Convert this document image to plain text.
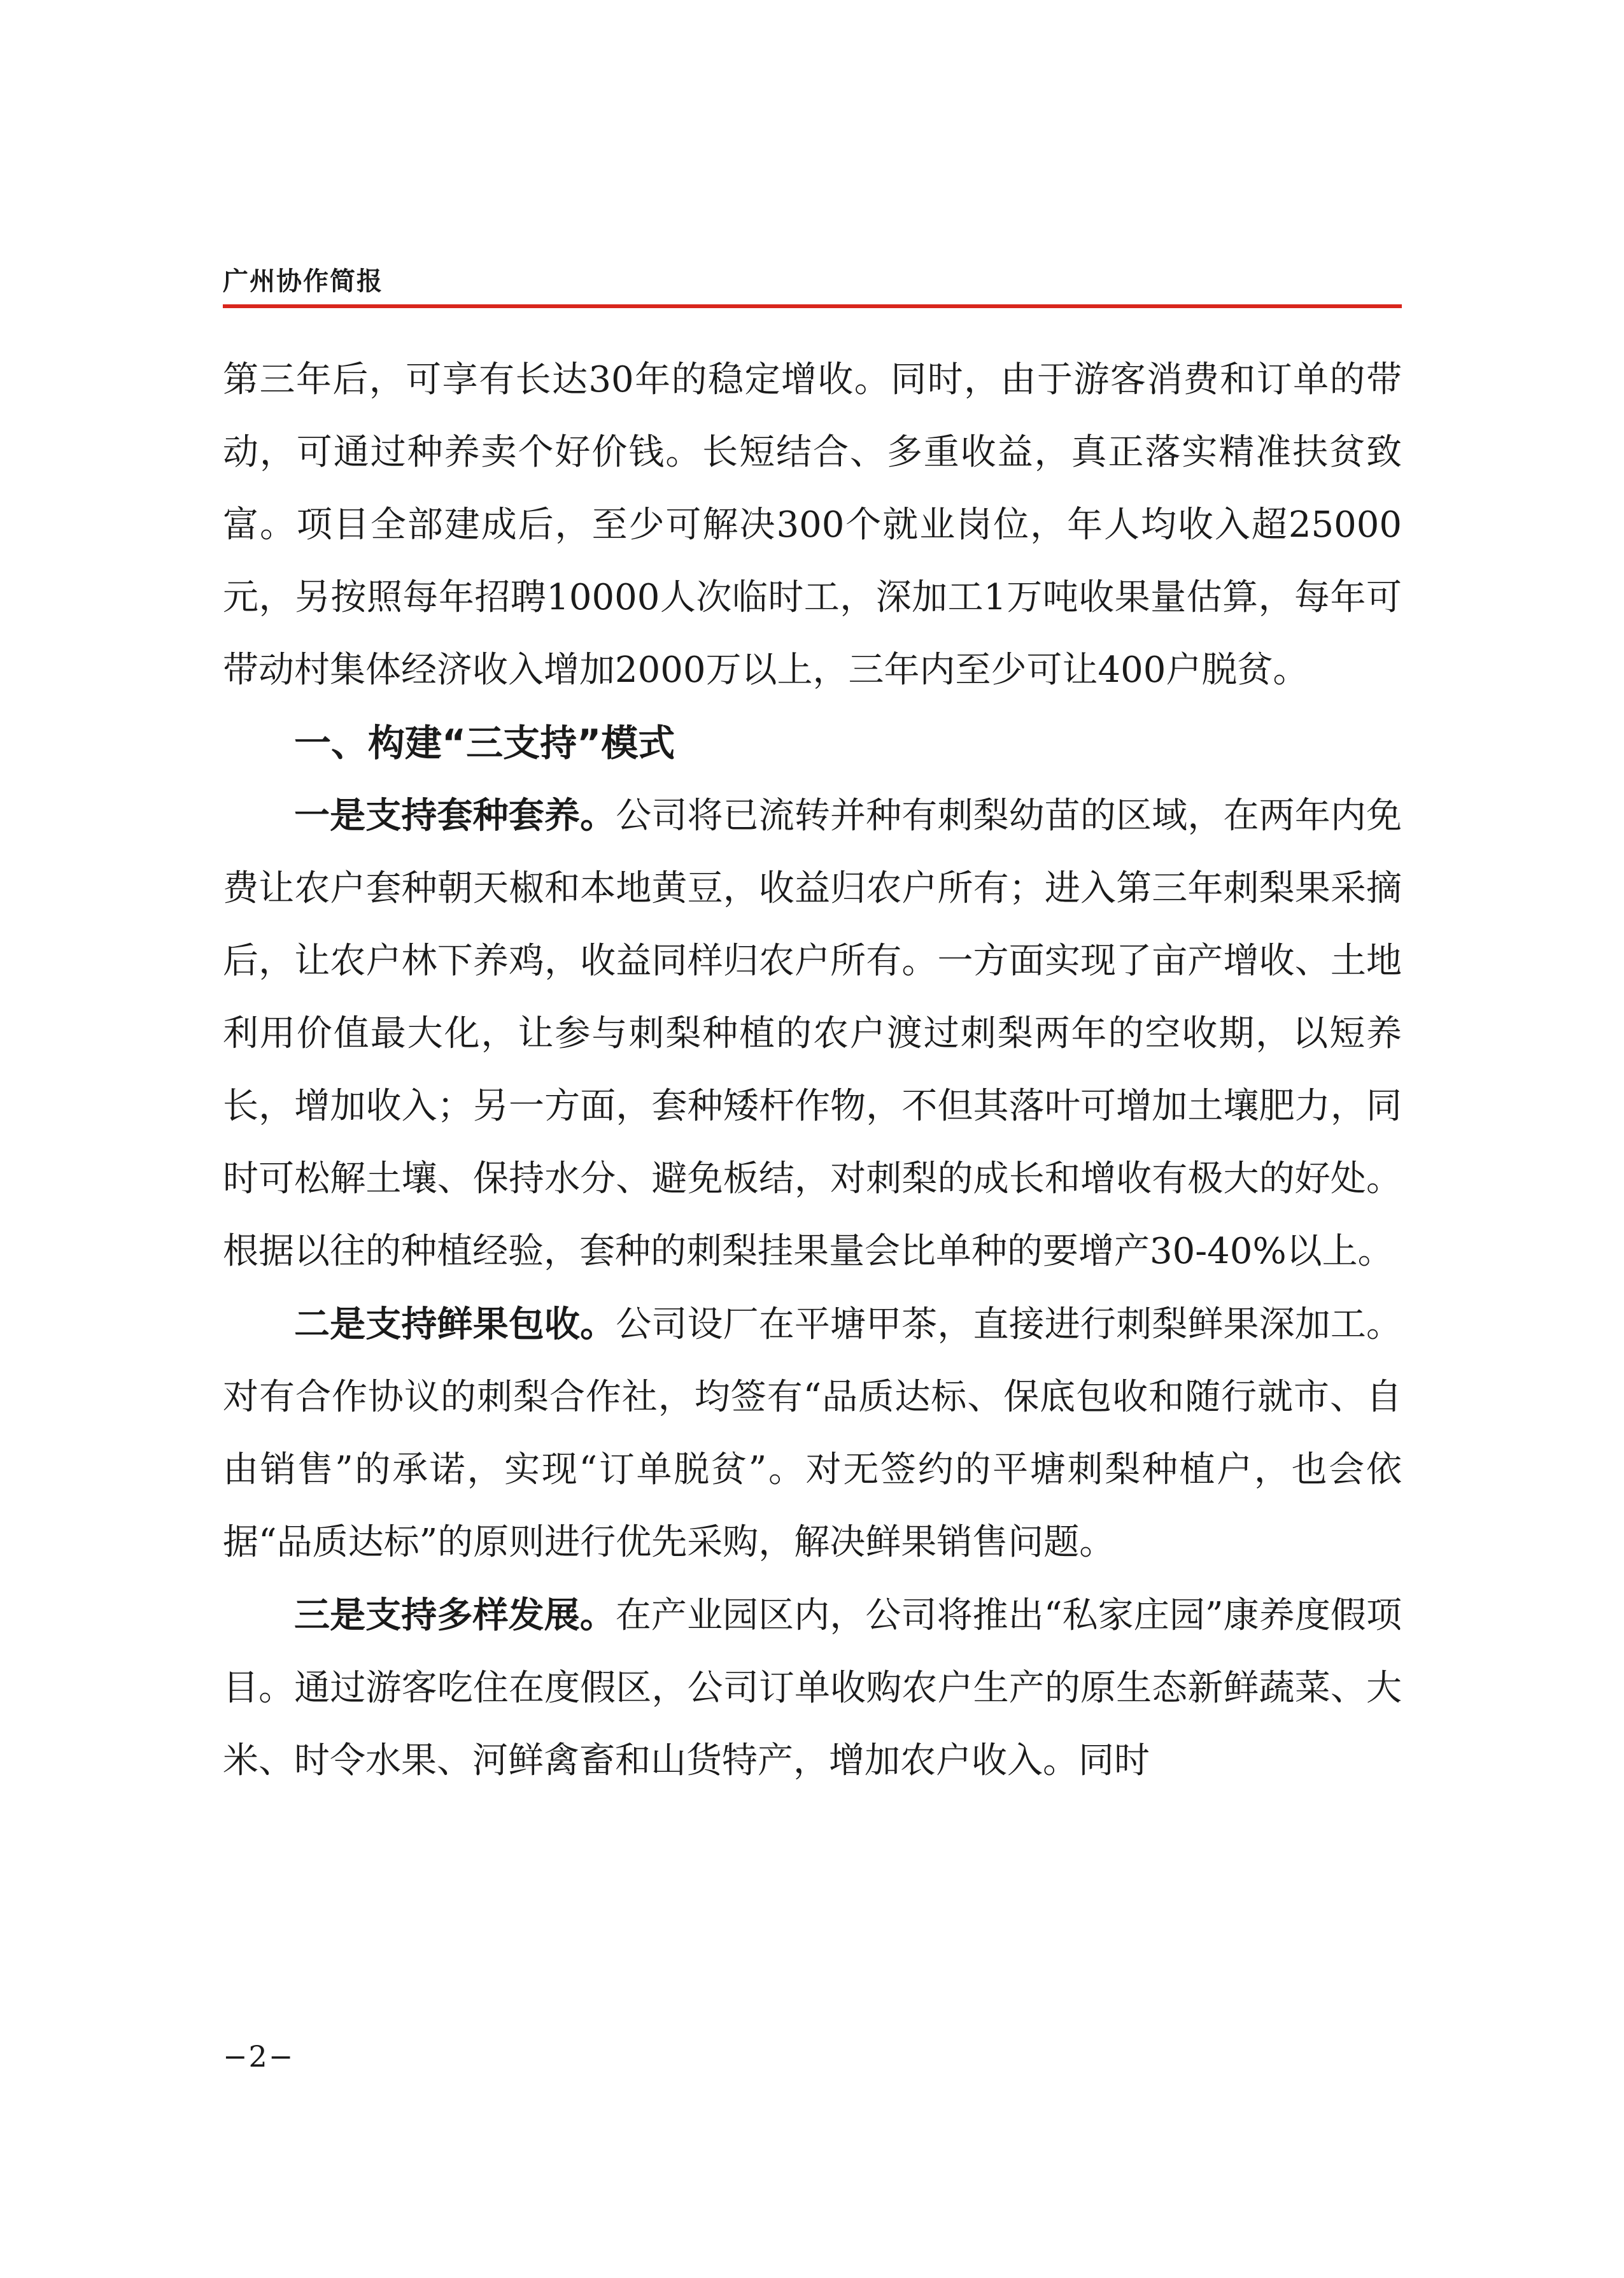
广州协作简报

第三年后，可享有长达30年的稳定增收。同时，由于游客消费和订单的带动，可通过种养卖个好价钱。长短结合、多重收益，真正落实精准扶贫致富。项目全部建成后，至少可解决300个就业岗位，年人均收入超25000元，另按照每年招聘10000人次临时工，深加工1万吨收果量估算，每年可带动村集体经济收入增加2000万以上，三年内至少可让400户脱贫。

一、构建“三支持”模式

一是支持套种套养。公司将已流转并种有刺梨幼苗的区域，在两年内免费让农户套种朝天椒和本地黄豆，收益归农户所有；进入第三年刺梨果采摘后，让农户林下养鸡，收益同样归农户所有。一方面实现了亩产增收、土地利用价值最大化，让参与刺梨种植的农户渡过刺梨两年的空收期，以短养长，增加收入；另一方面，套种矮杆作物，不但其落叶可增加土壤肥力，同时可松解土壤、保持水分、避免板结，对刺梨的成长和增收有极大的好处。根据以往的种植经验，套种的刺梨挂果量会比单种的要增产30-40%以上。

二是支持鲜果包收。公司设厂在平塘甲茶，直接进行刺梨鲜果深加工。对有合作协议的刺梨合作社，均签有“品质达标、保底包收和随行就市、自由销售”的承诺，实现“订单脱贫”。对无签约的平塘刺梨种植户，也会依据“品质达标”的原则进行优先采购，解决鲜果销售问题。

三是支持多样发展。在产业园区内，公司将推出“私家庄园”康养度假项目。通过游客吃住在度假区，公司订单收购农户生产的原生态新鲜蔬菜、大米、时令水果、河鲜禽畜和山货特产，增加农户收入。同时

−2−
